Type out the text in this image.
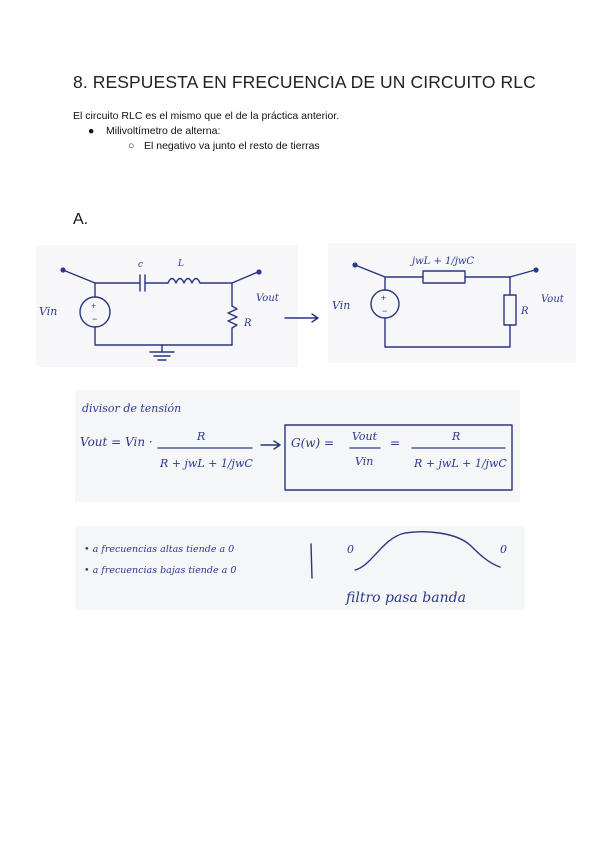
8. RESPUESTA EN FRECUENCIA DE UN CIRCUITO RLC

El circuito RLC es el mismo que el de la práctica anterior.

● Milivoltímetro de alterna:
○ El negativo va junto el resto de tierras
A.
+
−
c	L
R
Vin
Vout	+
−
jwL + 1/jwC
R
Vin	Vout
divisor de tensión
Vout = Vin ·	R
R + jwL + 1/jwC
G(w) = Vout
Vin
=	R
R + jwL + 1/jwC
• a frecuencias altas tiende a 0
• a frecuencias bajas tiende a 0
0	0
filtro pasa banda
